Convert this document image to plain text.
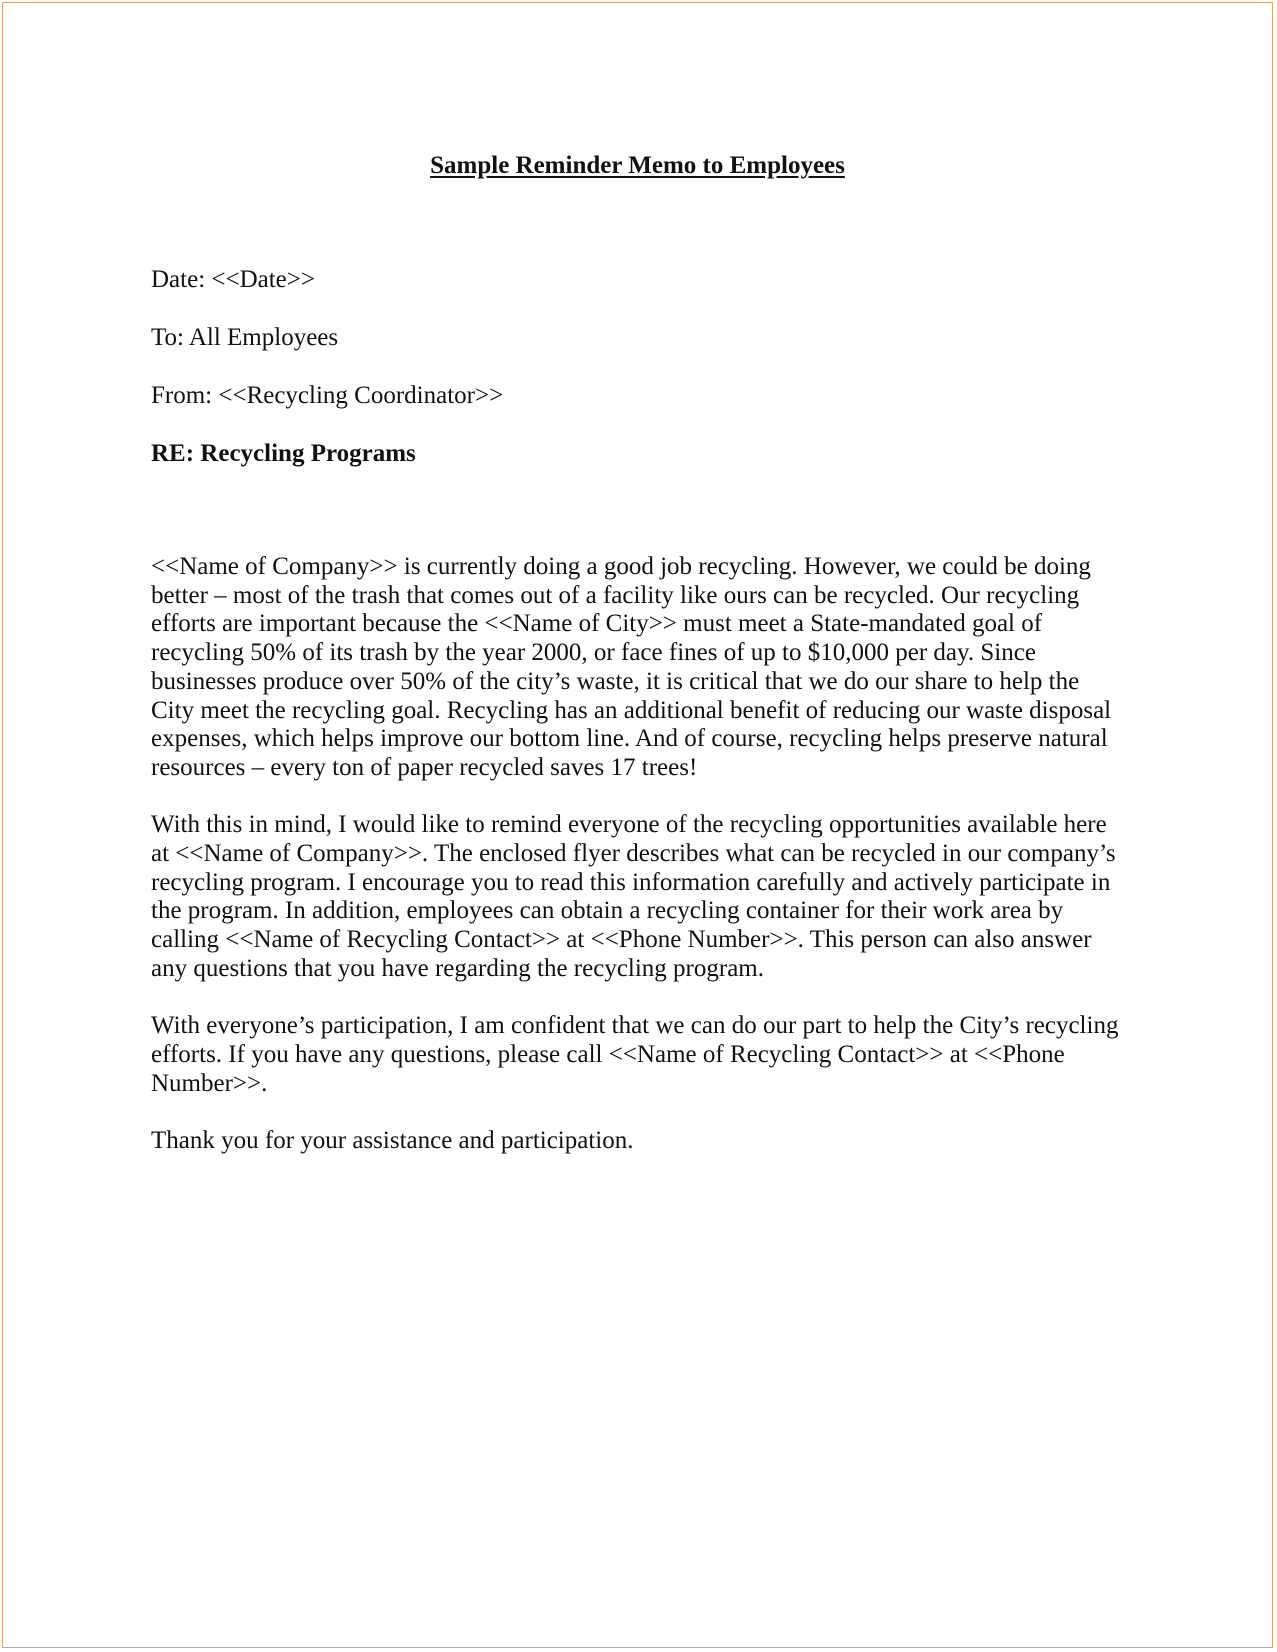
Sample Reminder Memo to Employees
Date: <<Date>>
To: All Employees
From: <<Recycling Coordinator>>
RE: Recycling Programs

<<Name of Company>> is currently doing a good job recycling. However, we could be doing
better – most of the trash that comes out of a facility like ours can be recycled. Our recycling
efforts are important because the <<Name of City>> must meet a State-mandated goal of
recycling 50% of its trash by the year 2000, or face fines of up to $10,000 per day. Since
businesses produce over 50% of the city’s waste, it is critical that we do our share to help the
City meet the recycling goal. Recycling has an additional benefit of reducing our waste disposal
expenses, which helps improve our bottom line. And of course, recycling helps preserve natural
resources – every ton of paper recycled saves 17 trees!

With this in mind, I would like to remind everyone of the recycling opportunities available here
at <<Name of Company>>. The enclosed flyer describes what can be recycled in our company’s
recycling program. I encourage you to read this information carefully and actively participate in
the program. In addition, employees can obtain a recycling container for their work area by
calling <<Name of Recycling Contact>> at <<Phone Number>>. This person can also answer
any questions that you have regarding the recycling program.

With everyone’s participation, I am confident that we can do our part to help the City’s recycling
efforts. If you have any questions, please call <<Name of Recycling Contact>> at <<Phone
Number>>.

Thank you for your assistance and participation.
